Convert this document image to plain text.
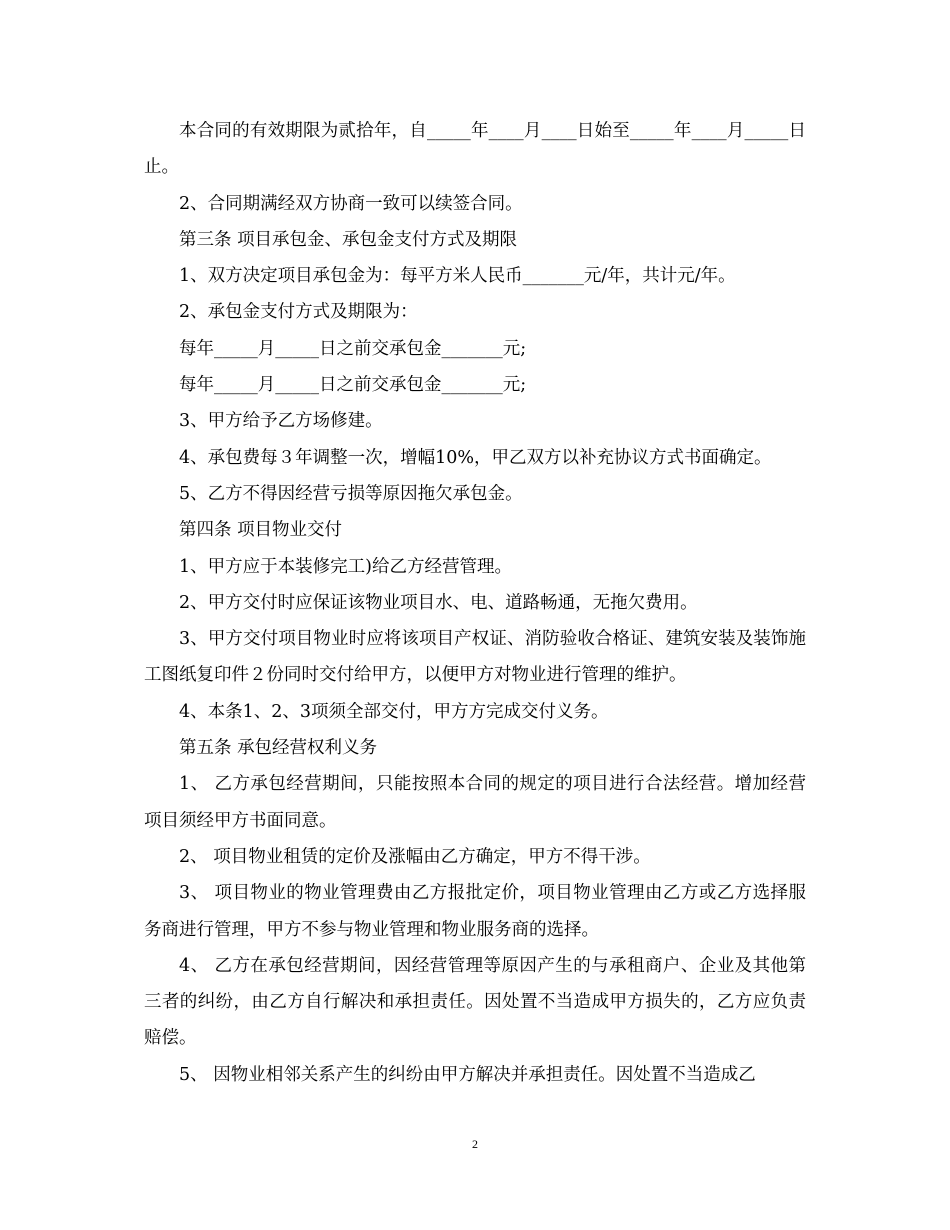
本合同的有效期限为贰拾年，自_____年____月____日始至_____年____月_____日止。

2、合同期满经双方协商一致可以续签合同。

第三条 项目承包金、承包金支付方式及期限

1、双方决定项目承包金为：每平方米人民币_______元/年，共计元/年。

2、承包金支付方式及期限为：

每年_____月_____日之前交承包金_______元;

每年_____月_____日之前交承包金_______元;

3、甲方给予乙方场修建。

4、承包费每３年调整一次，增幅10%，甲乙双方以补充协议方式书面确定。

5、乙方不得因经营亏损等原因拖欠承包金。

第四条 项目物业交付

1、甲方应于本装修完工)给乙方经营管理。

2、甲方交付时应保证该物业项目水、电、道路畅通，无拖欠费用。

3、甲方交付项目物业时应将该项目产权证、消防验收合格证、建筑安装及装饰施工图纸复印件２份同时交付给甲方，以便甲方对物业进行管理的维护。

4、本条1、2、3项须全部交付，甲方方完成交付义务。

第五条 承包经营权利义务

1、 乙方承包经营期间，只能按照本合同的规定的项目进行合法经营。增加经营项目须经甲方书面同意。

2、 项目物业租赁的定价及涨幅由乙方确定，甲方不得干涉。

3、 项目物业的物业管理费由乙方报批定价，项目物业管理由乙方或乙方选择服务商进行管理，甲方不参与物业管理和物业服务商的选择。

4、 乙方在承包经营期间，因经营管理等原因产生的与承租商户、企业及其他第三者的纠纷，由乙方自行解决和承担责任。因处置不当造成甲方损失的，乙方应负责赔偿。

5、 因物业相邻关系产生的纠纷由甲方解决并承担责任。因处置不当造成乙

2
